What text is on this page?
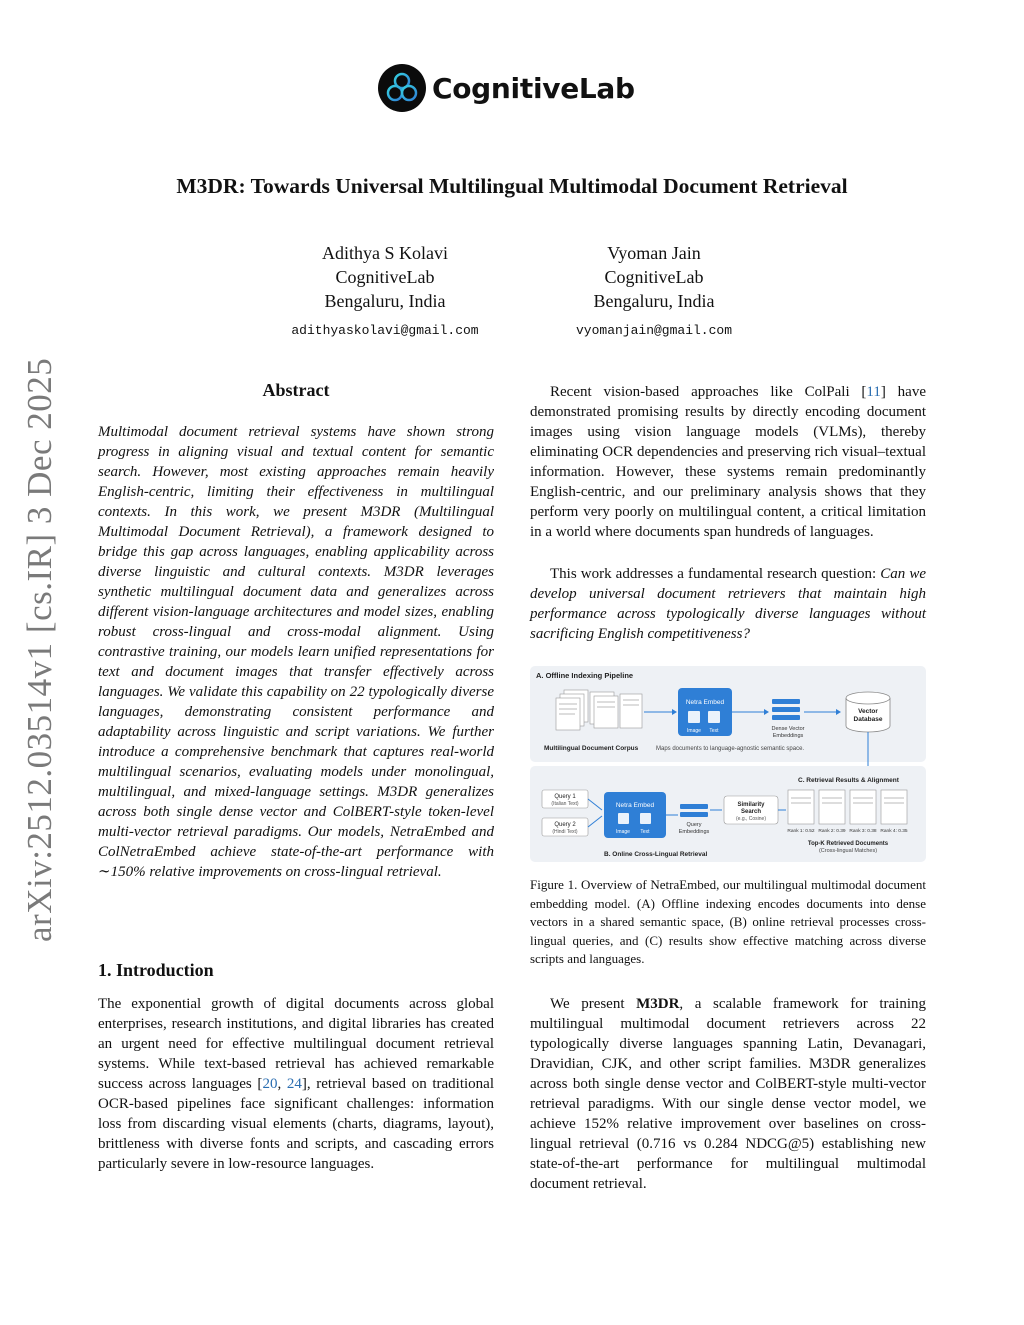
CognitiveLab
M3DR: Towards Universal Multilingual Multimodal Document Retrieval
Adithya S Kolavi
CognitiveLab
Bengaluru, India
adithyaskolavi@gmail.com
Vyoman Jain
CognitiveLab
Bengaluru, India
vyomanjain@gmail.com
arXiv:2512.03514v1 [cs.IR] 3 Dec 2025	Abstract
Multimodal document retrieval systems have shown strong progress in aligning visual and textual content for semantic search. However, most existing approaches remain heavily English-centric, limiting their effectiveness in multilingual contexts. In this work, we present M3DR (Multilingual Multimodal Document Retrieval), a framework designed to bridge this gap across languages, enabling applicability across diverse linguistic and cultural contexts. M3DR leverages synthetic multilingual document data and generalizes across different vision-language architectures and model sizes, enabling robust cross-lingual and cross-modal alignment. Using contrastive training, our models learn unified representations for text and document images that transfer effectively across languages. We validate this capability on 22 typologically diverse languages, demonstrating consistent performance and adaptability across linguistic and script variations. We further introduce a comprehensive benchmark that captures real-world multilingual scenarios, evaluating models under monolingual, multilingual, and mixed-language settings. M3DR generalizes across both single dense vector and ColBERT-style token-level multi-vector retrieval paradigms. Our models, NetraEmbed and ColNetraEmbed achieve state-of-the-art performance with ∼150% relative improvements on cross-lingual retrieval.
1. Introduction
The exponential growth of digital documents across global enterprises, research institutions, and digital libraries has created an urgent need for effective multilingual document retrieval systems. While text-based retrieval has achieved remarkable success across languages [20, 24], retrieval based on traditional OCR-based pipelines face significant challenges: information loss from discarding visual elements (charts, diagrams, layout), brittleness with diverse fonts and scripts, and cascading errors particularly severe in low-resource languages.
Recent vision-based approaches like ColPali [11] have demonstrated promising results by directly encoding document images using vision language models (VLMs), thereby eliminating OCR dependencies and preserving rich visual–textual information. However, these systems remain predominantly English-centric, and our preliminary analysis shows that they perform very poorly on multilingual content, a critical limitation in a world where documents span hundreds of languages.
This work addresses a fundamental research question: Can we develop universal document retrievers that maintain high performance across typologically diverse languages without sacrificing English competitiveness?
A. Offline Indexing Pipeline
Multilingual Document Corpus
Netra Embed
Image Text
Maps documents to language-agnostic semantic space.
Dense Vector
Embeddings
Vector
Database
C. Retrieval Results & Alignment
Query 1
(Italian Text)
Query 2
(Hindi Text)
Netra Embed
Image Text
Query
Embeddings
Similarity
Search
(e.g., Cosine)
Rank 1: 0.52 Rank 2: 0.39 Rank 3: 0.38 Rank 4: 0.35
Top-K Retrieved Documents
(Cross-lingual Matches)
B. Online Cross-Lingual Retrieval
Figure 1. Overview of NetraEmbed, our multilingual multimodal document embedding model. (A) Offline indexing encodes documents into dense vectors in a shared semantic space, (B) online retrieval processes cross-lingual queries, and (C) results show effective matching across diverse scripts and languages.
We present M3DR, a scalable framework for training multilingual multimodal document retrievers across 22 typologically diverse languages spanning Latin, Devanagari, Dravidian, CJK, and other script families. M3DR generalizes across both single dense vector and ColBERT-style multi-vector retrieval paradigms. With our single dense vector model, we achieve 152% relative improvement over baselines on cross-lingual retrieval (0.716 vs 0.284 NDCG@5) establishing new state-of-the-art performance for multilingual multimodal document retrieval.
